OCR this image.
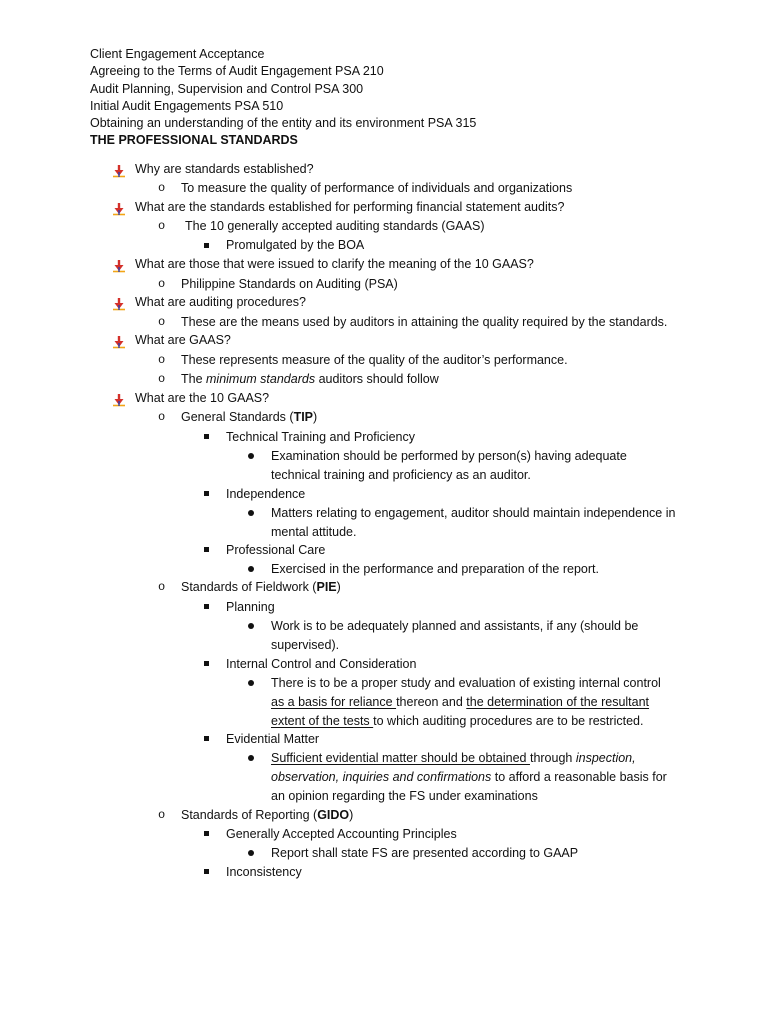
Client Engagement Acceptance
Agreeing to the Terms of Audit Engagement PSA 210
Audit Planning, Supervision and Control PSA 300
Initial Audit Engagements PSA 510
Obtaining an understanding of the entity and its environment PSA 315
THE PROFESSIONAL STANDARDS
Why are standards established?
o To measure the quality of performance of individuals and organizations
What are the standards established for performing financial statement audits?
o The 10 generally accepted auditing standards (GAAS)
Promulgated by the BOA
What are those that were issued to clarify the meaning of the 10 GAAS?
o Philippine Standards on Auditing (PSA)
What are auditing procedures?
o These are the means used by auditors in attaining the quality required by the standards.
What are GAAS?
o These represents measure of the quality of the auditor’s performance.
o The minimum standards auditors should follow
What are the 10 GAAS?
o General Standards (TIP)
Technical Training and Proficiency
Examination should be performed by person(s) having adequate technical training and proficiency as an auditor.
Independence
Matters relating to engagement, auditor should maintain independence in mental attitude.
Professional Care
Exercised in the performance and preparation of the report.
o Standards of Fieldwork (PIE)
Planning
Work is to be adequately planned and assistants, if any (should be supervised).
Internal Control and Consideration
There is to be a proper study and evaluation of existing internal control
as a basis for reliance thereon and the determination of the resultant
extent of the tests to which auditing procedures are to be restricted.
Evidential Matter
Sufficient evidential matter should be obtained through inspection,
observation, inquiries and confirmations to afford a reasonable basis for
an opinion regarding the FS under examinations
o Standards of Reporting (GIDO)
Generally Accepted Accounting Principles
Report shall state FS are presented according to GAAP
Inconsistency
